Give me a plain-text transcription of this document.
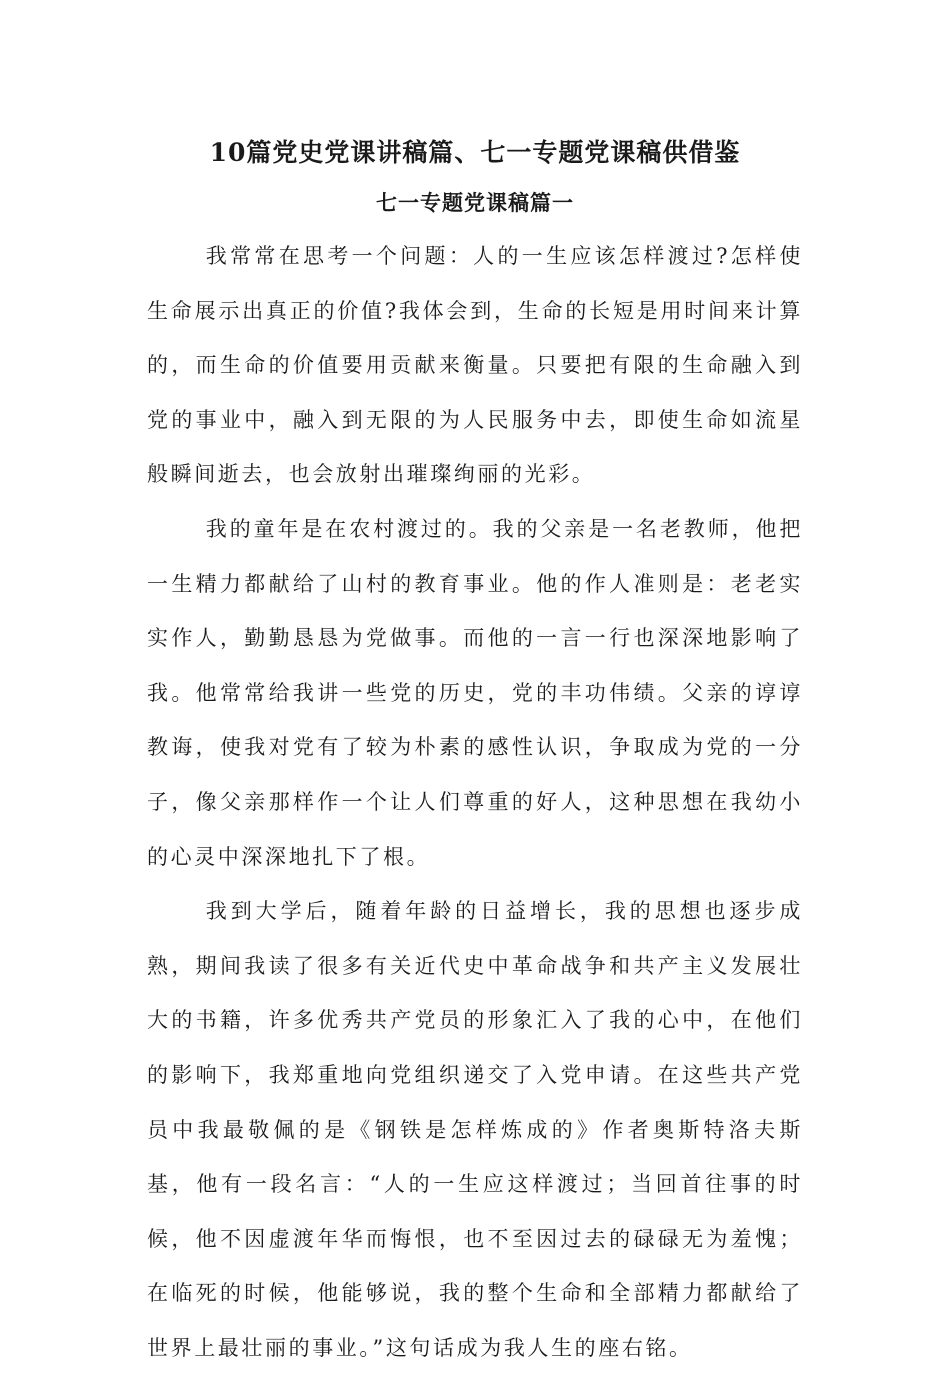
10篇党史党课讲稿篇、七一专题党课稿供借鉴
七一专题党课稿篇一

我常常在思考一个问题：人的一生应该怎样渡过?怎样使生命展示出真正的价值?我体会到，生命的长短是用时间来计算的，而生命的价值要用贡献来衡量。只要把有限的生命融入到党的事业中，融入到无限的为人民服务中去，即使生命如流星般瞬间逝去，也会放射出璀璨绚丽的光彩。

我的童年是在农村渡过的。我的父亲是一名老教师，他把一生精力都献给了山村的教育事业。他的作人准则是：老老实实作人，勤勤恳恳为党做事。而他的一言一行也深深地影响了我。他常常给我讲一些党的历史，党的丰功伟绩。父亲的谆谆教诲，使我对党有了较为朴素的感性认识，争取成为党的一分子，像父亲那样作一个让人们尊重的好人，这种思想在我幼小的心灵中深深地扎下了根。

我到大学后，随着年龄的日益增长，我的思想也逐步成熟，期间我读了很多有关近代史中革命战争和共产主义发展壮大的书籍，许多优秀共产党员的形象汇入了我的心中，在他们的影响下，我郑重地向党组织递交了入党申请。在这些共产党员中我最敬佩的是《钢铁是怎样炼成的》作者奥斯特洛夫斯基，他有一段名言：“人的一生应这样渡过；当回首往事的时候，他不因虚渡年华而悔恨，也不至因过去的碌碌无为羞愧；在临死的时候，他能够说，我的整个生命和全部精力都献给了世界上最壮丽的事业。”这句话成为我人生的座右铭。
